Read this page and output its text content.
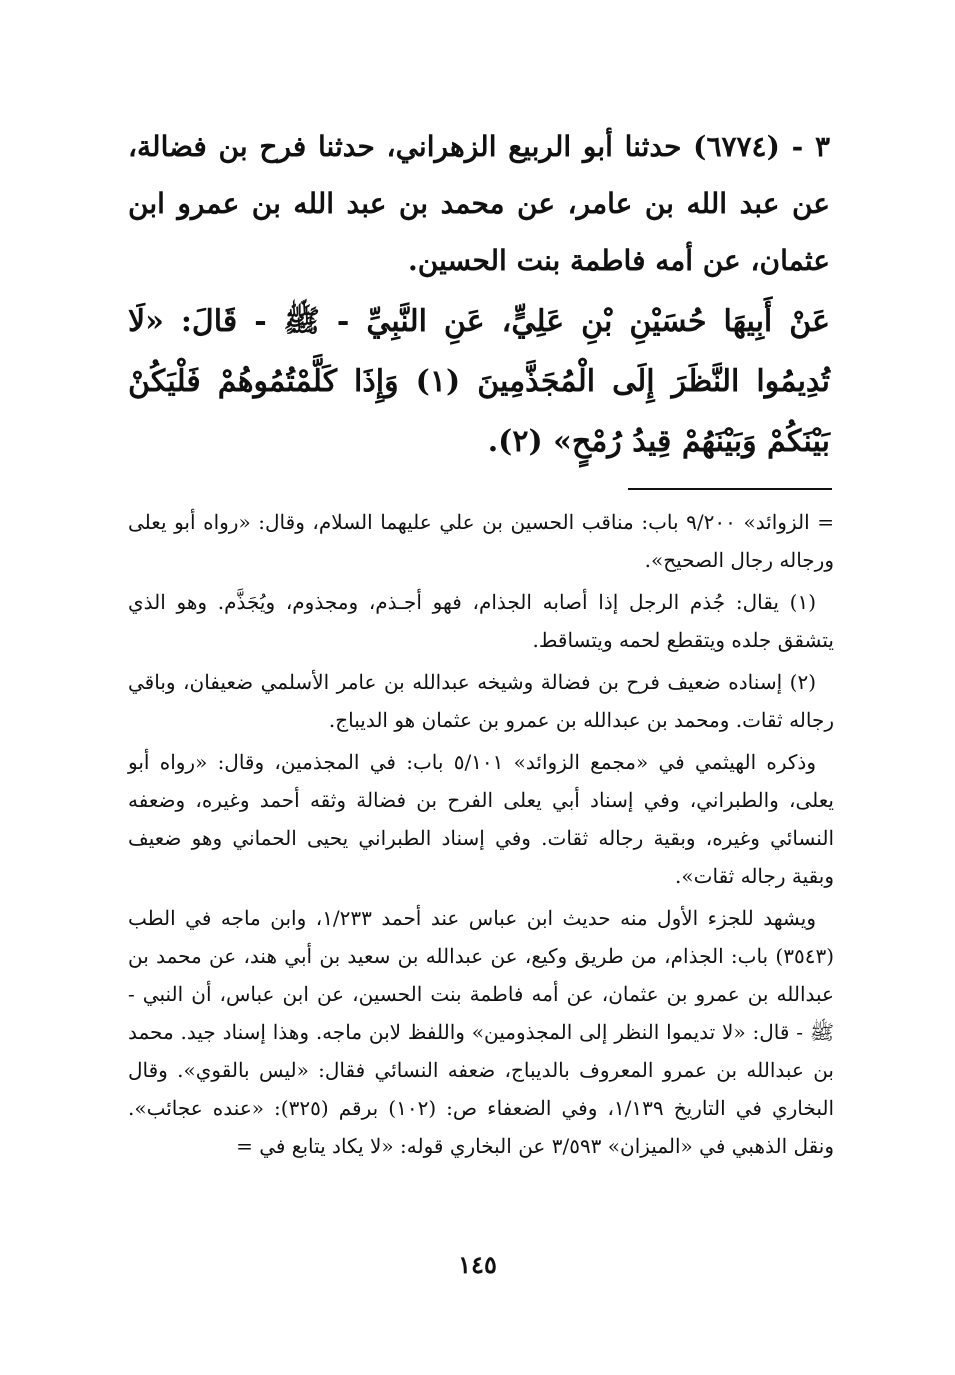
٣ - (٦٧٧٤) حدثنا أبو الربيع الزهراني، حدثنا فرح بن فضالة، عن عبد الله بن عامر، عن محمد بن عبد الله بن عمرو ابن عثمان، عن أمه فاطمة بنت الحسين.

عَنْ أَبِيهَا حُسَيْنِ بْنِ عَلِيٍّ، عَنِ النَّبِيِّ - ﷺ - قَالَ: «لَا تُدِيمُوا النَّظَرَ إِلَى الْمُجَذَّمِينَ (١) وَإِذَا كَلَّمْتُمُوهُمْ فَلْيَكُنْ بَيْنَكُمْ وَبَيْنَهُمْ قِيدُ رُمْحٍ» (٢).

= الزوائد» ٩/٢٠٠ باب: مناقب الحسين بن علي عليهما السلام، وقال: «رواه أبو يعلى ورجاله رجال الصحيح».

(١) يقال: جُذم الرجل إذا أصابه الجذام، فهو أجـذم، ومجذوم، ويُجَذَّم. وهو الذي يتشقق جلده ويتقطع لحمه ويتساقط.

(٢) إسناده ضعيف فرح بن فضالة وشيخه عبدالله بن عامر الأسلمي ضعيفان، وباقي رجاله ثقات. ومحمد بن عبدالله بن عمرو بن عثمان هو الديباج.

وذكره الهيثمي في «مجمع الزوائد» ٥/١٠١ باب: في المجذمين، وقال: «رواه أبو يعلى، والطبراني، وفي إسناد أبي يعلى الفرح بن فضالة وثقه أحمد وغيره، وضعفه النسائي وغيره، وبقية رجاله ثقات. وفي إسناد الطبراني يحيى الحماني وهو ضعيف وبقية رجاله ثقات».

ويشهد للجزء الأول منه حديث ابن عباس عند أحمد ١/٢٣٣، وابن ماجه في الطب (٣٥٤٣) باب: الجذام، من طريق وكيع، عن عبدالله بن سعيد بن أبي هند، عن محمد بن عبدالله بن عمرو بن عثمان، عن أمه فاطمة بنت الحسين، عن ابن عباس، أن النبي - ﷺ - قال: «لا تديموا النظر إلى المجذومين» واللفظ لابن ماجه. وهذا إسناد جيد. محمد بن عبدالله بن عمرو المعروف بالديباج، ضعفه النسائي فقال: «ليس بالقوي». وقال البخاري في التاريخ ١/١٣٩، وفي الضعفاء ص: (١٠٢) برقم (٣٢٥): «عنده عجائب». ونقل الذهبي في «الميزان» ٣/٥٩٣ عن البخاري قوله: «لا يكاد يتابع في =

١٤٥
